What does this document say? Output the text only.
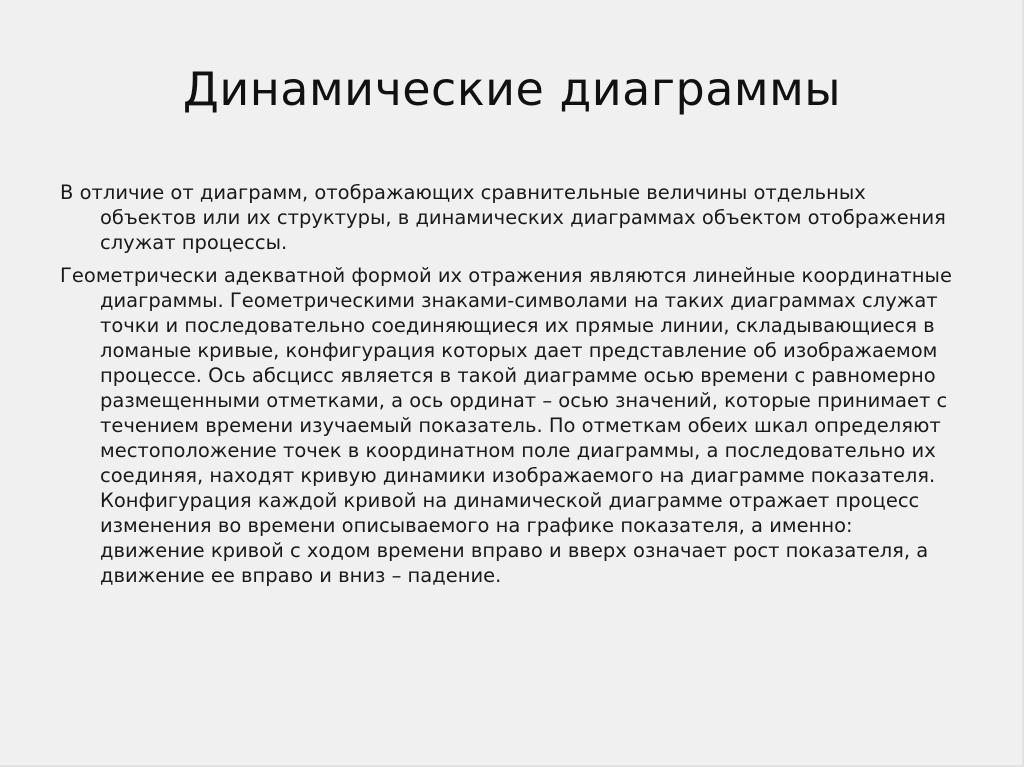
Динамические диаграммы

В отличие от диаграмм, отображающих сравнительные величины отдельных объектов или их структуры, в динамических диаграммах объектом отображения служат процессы.

Геометрически адекватной формой их отражения являются линейные координатные диаграммы. Геометрическими знаками-символами на таких диаграммах служат точки и последовательно соединяющиеся их прямые линии, складывающиеся в ломаные кривые, конфигурация которых дает представление об изображаемом процессе. Ось абсцисс является в такой диаграмме осью времени с равномерно размещенными отметками, а ось ординат – осью значений, которые принимает с течением времени изучаемый показатель. По отметкам обеих шкал определяют местоположение точек в координатном поле диаграммы, а последовательно их соединяя, находят кривую динамики изображаемого на диаграмме показателя. Конфигурация каждой кривой на динамической диаграмме отражает процесс изменения во времени описываемого на графике показателя, а именно: движение кривой с ходом времени вправо и вверх означает рост показателя, а движение ее вправо и вниз – падение.
